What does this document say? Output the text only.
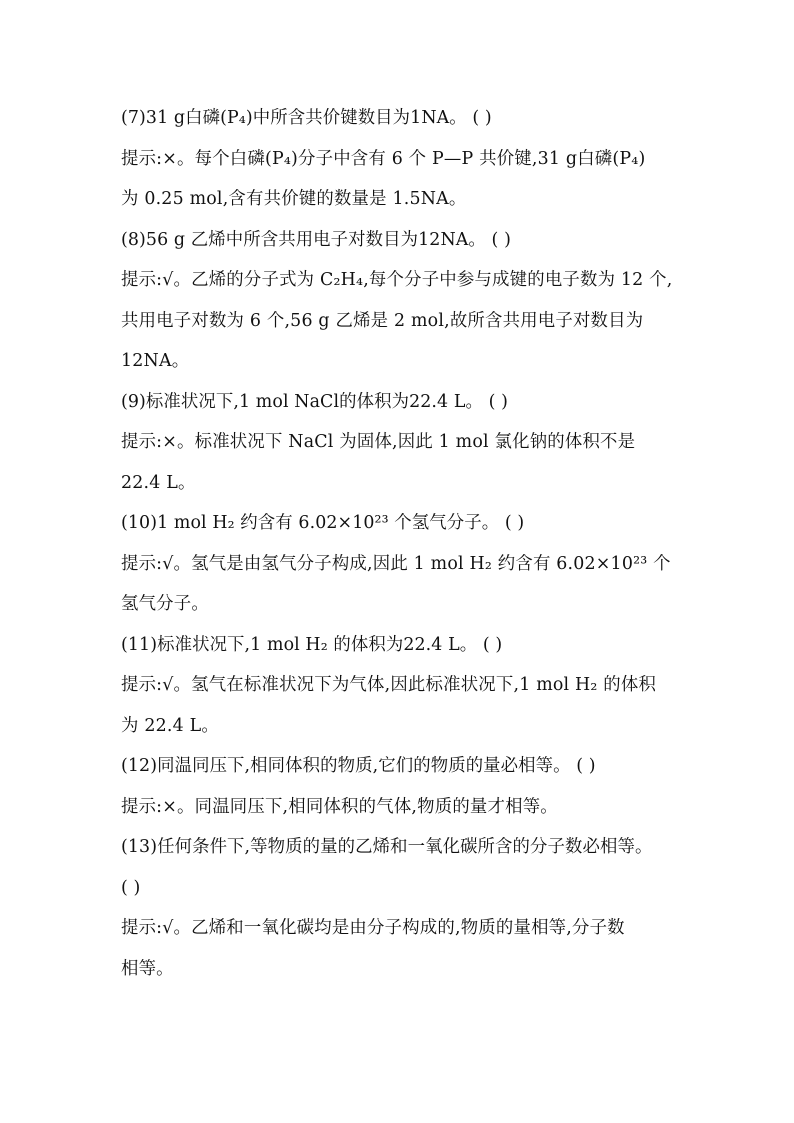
(7)31 g白磷(P₄)中所含共价键数目为1NA。 ( )
提示:×。每个白磷(P₄)分子中含有 6 个 P—P 共价键,31 g白磷(P₄)
为 0.25 mol,含有共价键的数量是 1.5NA。
(8)56 g 乙烯中所含共用电子对数目为12NA。 ( )
提示:√。乙烯的分子式为 C₂H₄,每个分子中参与成键的电子数为 12 个,
共用电子对数为 6 个,56 g 乙烯是 2 mol,故所含共用电子对数目为
12NA。
(9)标准状况下,1 mol NaCl的体积为22.4 L。 ( )
提示:×。标准状况下 NaCl 为固体,因此 1 mol 氯化钠的体积不是
22.4 L。
(10)1 mol H₂ 约含有 6.02×10²³ 个氢气分子。 ( )
提示:√。氢气是由氢气分子构成,因此 1 mol H₂ 约含有 6.02×10²³ 个
氢气分子。
(11)标准状况下,1 mol H₂ 的体积为22.4 L。 ( )
提示:√。氢气在标准状况下为气体,因此标准状况下,1 mol H₂ 的体积
为 22.4 L。
(12)同温同压下,相同体积的物质,它们的物质的量必相等。 ( )
提示:×。同温同压下,相同体积的气体,物质的量才相等。
(13)任何条件下,等物质的量的乙烯和一氧化碳所含的分子数必相等。
( )
提示:√。乙烯和一氧化碳均是由分子构成的,物质的量相等,分子数
相等。
